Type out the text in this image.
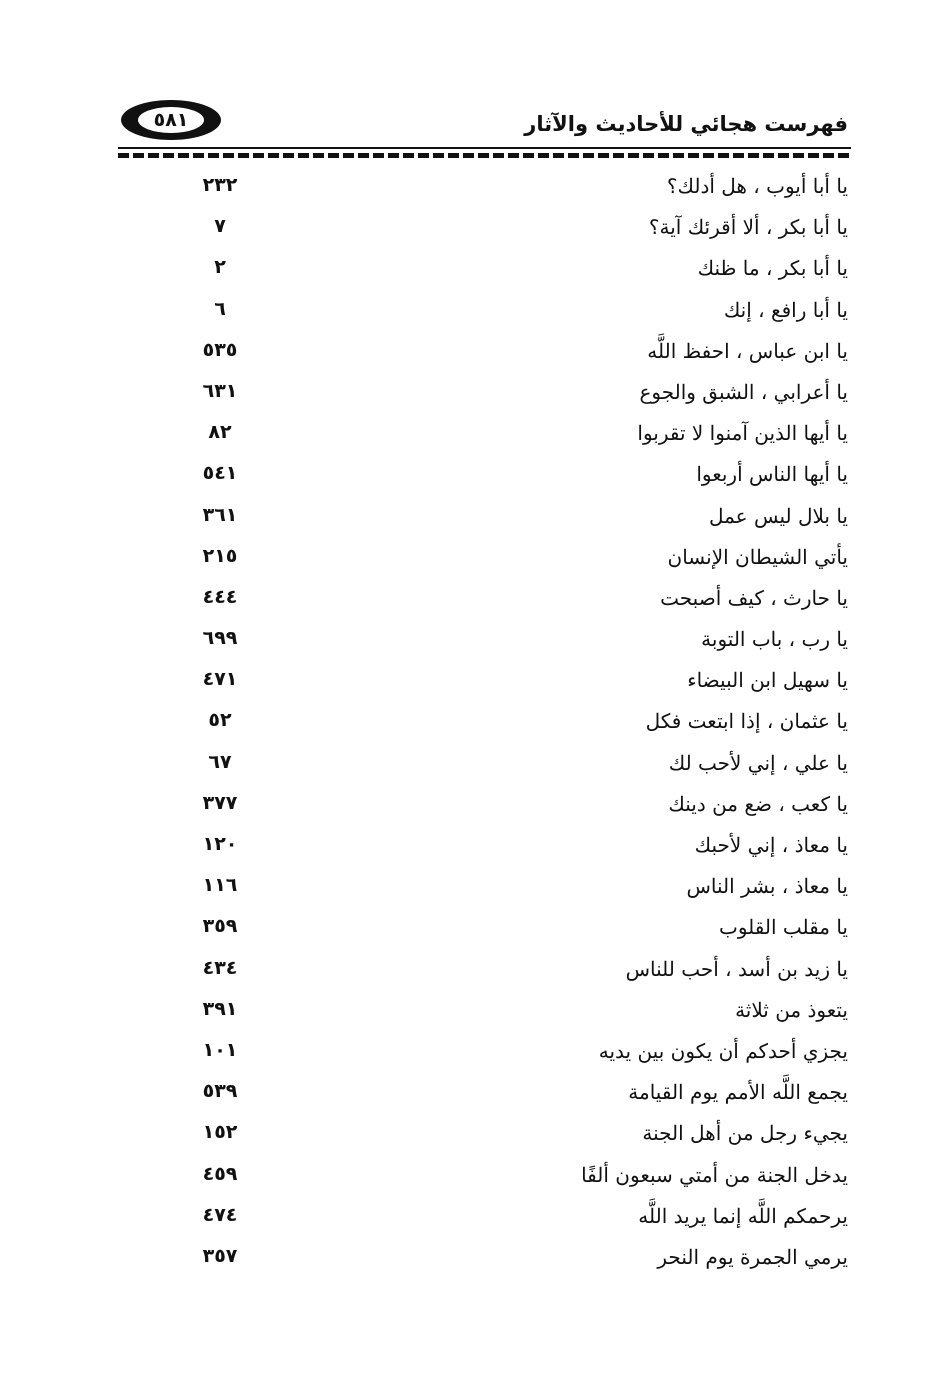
٥٨١	فهرست هجائي للأحاديث والآثار
يا أبا أيوب ، هل أدلك؟
٢٣٢
يا أبا بكر ، ألا أقرئك آية؟
٧
يا أبا بكر ، ما ظنك
٢
يا أبا رافع ، إنك
٦
يا ابن عباس ، احفظ اللَّه
٥٣٥
يا أعرابي ، الشبق والجوع
٦٣١
يا أيها الذين آمنوا لا تقربوا
٨٢
يا أيها الناس أربعوا
٥٤١
يا بلال ليس عمل
٣٦١
يأتي الشيطان الإنسان
٢١٥
يا حارث ، كيف أصبحت
٤٤٤
يا رب ، باب التوبة
٦٩٩
يا سهيل ابن البيضاء
٤٧١
يا عثمان ، إذا ابتعت فكل
٥٢
يا علي ، إني لأحب لك
٦٧
يا كعب ، ضع من دينك
٣٧٧
يا معاذ ، إني لأحبك
١٢٠
يا معاذ ، بشر الناس
١١٦
يا مقلب القلوب
٣٥٩
يا زيد بن أسد ، أحب للناس
٤٣٤
يتعوذ من ثلاثة
٣٩١
يجزي أحدكم أن يكون بين يديه
١٠١
يجمع اللَّه الأمم يوم القيامة
٥٣٩
يجيء رجل من أهل الجنة
١٥٢
يدخل الجنة من أمتي سبعون ألفًا
٤٥٩
يرحمكم اللَّه إنما يريد اللَّه
٤٧٤
يرمي الجمرة يوم النحر
٣٥٧
